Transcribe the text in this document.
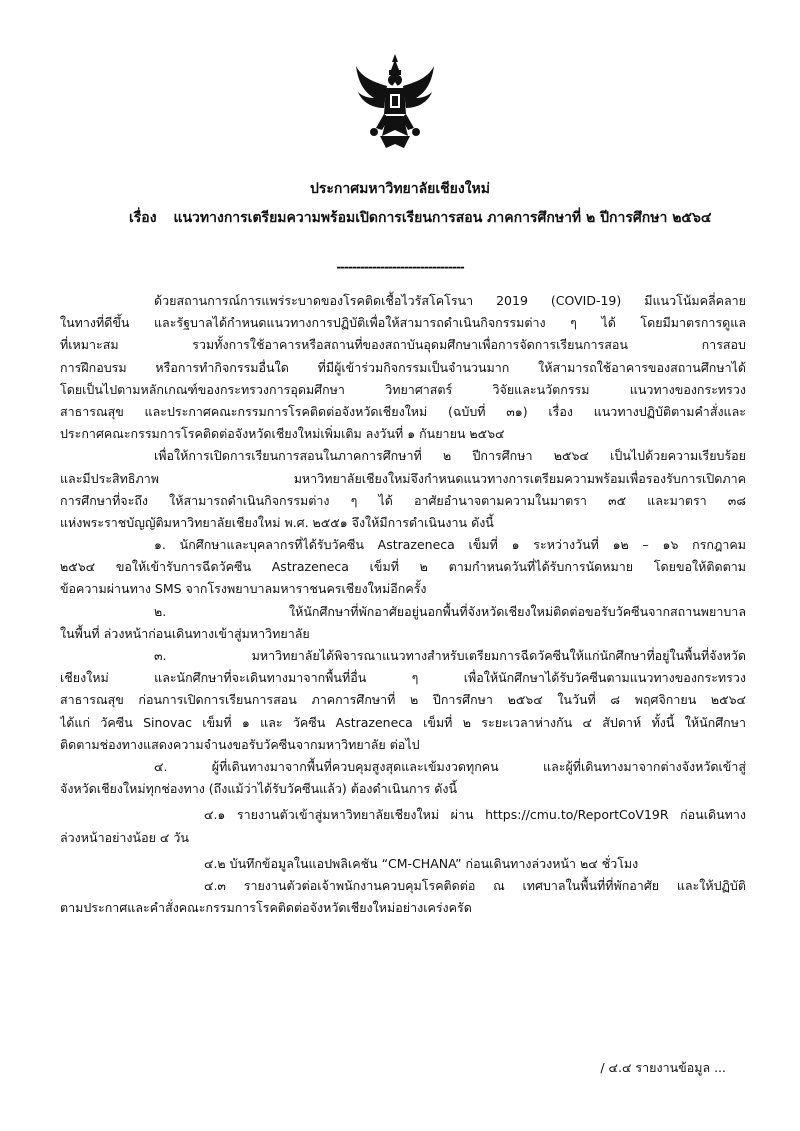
ประกาศมหาวิทยาลัยเชียงใหม่
เรื่อง แนวทางการเตรียมความพร้อมเปิดการเรียนการสอน ภาคการศึกษาที่ ๒ ปีการศึกษา ๒๕๖๔
--------------------------------
ด้วยสถานการณ์การแพร่ระบาดของโรคติดเชื้อไวรัสโคโรนา 2019 (COVID-19) มีแนวโน้มคลี่คลาย
ในทางที่ดีขึ้น และรัฐบาลได้กำหนดแนวทางการปฏิบัติเพื่อให้สามารถดำเนินกิจกรรมต่าง ๆ ได้ โดยมีมาตรการดูแล
ที่เหมาะสม รวมทั้งการใช้อาคารหรือสถานที่ของสถาบันอุดมศึกษาเพื่อการจัดการเรียนการสอน การสอบ
การฝึกอบรม หรือการทำกิจกรรมอื่นใด ที่มีผู้เข้าร่วมกิจกรรมเป็นจำนวนมาก ให้สามารถใช้อาคารของสถานศึกษาได้
โดยเป็นไปตามหลักเกณฑ์ของกระทรวงการอุดมศึกษา วิทยาศาสตร์ วิจัยและนวัตกรรม แนวทางของกระทรวง
สาธารณสุข และประกาศคณะกรรมการโรคติดต่อจังหวัดเชียงใหม่ (ฉบับที่ ๓๑) เรื่อง แนวทางปฏิบัติตามคำสั่งและ
ประกาศคณะกรรมการโรคติดต่อจังหวัดเชียงใหม่เพิ่มเติม ลงวันที่ ๑ กันยายน ๒๕๖๔
เพื่อให้การเปิดการเรียนการสอนในภาคการศึกษาที่ ๒ ปีการศึกษา ๒๕๖๔ เป็นไปด้วยความเรียบร้อย
และมีประสิทธิภาพ มหาวิทยาลัยเชียงใหม่จึงกำหนดแนวทางการเตรียมความพร้อมเพื่อรองรับการเปิดภาค
การศึกษาที่จะถึง ให้สามารถดำเนินกิจกรรมต่าง ๆ ได้ อาศัยอำนาจตามความในมาตรา ๓๕ และมาตรา ๓๘
แห่งพระราชบัญญัติมหาวิทยาลัยเชียงใหม่ พ.ศ. ๒๕๕๑ จึงให้มีการดำเนินงาน ดังนี้
๑. นักศึกษาและบุคลากรที่ได้รับวัคซีน Astrazeneca เข็มที่ ๑ ระหว่างวันที่ ๑๒ – ๑๖ กรกฎาคม
๒๕๖๔ ขอให้เข้ารับการฉีดวัคซีน Astrazeneca เข็มที่ ๒ ตามกำหนดวันที่ได้รับการนัดหมาย โดยขอให้ติดตาม
ข้อความผ่านทาง SMS จากโรงพยาบาลมหาราชนครเชียงใหม่อีกครั้ง
๒. ให้นักศึกษาที่พักอาศัยอยู่นอกพื้นที่จังหวัดเชียงใหม่ติดต่อขอรับวัคซีนจากสถานพยาบาล
ในพื้นที่ ล่วงหน้าก่อนเดินทางเข้าสู่มหาวิทยาลัย
๓. มหาวิทยาลัยได้พิจารณาแนวทางสำหรับเตรียมการฉีดวัคซีนให้แก่นักศึกษาที่อยู่ในพื้นที่จังหวัด
เชียงใหม่ และนักศึกษาที่จะเดินทางมาจากพื้นที่อื่น ๆ เพื่อให้นักศึกษาได้รับวัคซีนตามแนวทางของกระทรวง
สาธารณสุข ก่อนการเปิดการเรียนการสอน ภาคการศึกษาที่ ๒ ปีการศึกษา ๒๕๖๔ ในวันที่ ๘ พฤศจิกายน ๒๕๖๔
ได้แก่ วัคซีน Sinovac เข็มที่ ๑ และ วัคซีน Astrazeneca เข็มที่ ๒ ระยะเวลาห่างกัน ๔ สัปดาห์ ทั้งนี้ ให้นักศึกษา
ติดตามช่องทางแสดงความจำนงขอรับวัคซีนจากมหาวิทยาลัย ต่อไป
๔. ผู้ที่เดินทางมาจากพื้นที่ควบคุมสูงสุดและเข้มงวดทุกคน และผู้ที่เดินทางมาจากต่างจังหวัดเข้าสู่
จังหวัดเชียงใหม่ทุกช่องทาง (ถึงแม้ว่าได้รับวัคซีนแล้ว) ต้องดำเนินการ ดังนี้
๔.๑ รายงานตัวเข้าสู่มหาวิทยาลัยเชียงใหม่ ผ่าน https://cmu.to/ReportCoV19R ก่อนเดินทาง
ล่วงหน้าอย่างน้อย ๔ วัน
๔.๒ บันทึกข้อมูลในแอปพลิเคชัน “CM-CHANA” ก่อนเดินทางล่วงหน้า ๒๔ ชั่วโมง
๔.๓ รายงานตัวต่อเจ้าพนักงานควบคุมโรคติดต่อ ณ เทศบาลในพื้นที่ที่พักอาศัย และให้ปฏิบัติ
ตามประกาศและคำสั่งคณะกรรมการโรคติดต่อจังหวัดเชียงใหม่อย่างเคร่งครัด
/ ๔.๔ รายงานข้อมูล ...
